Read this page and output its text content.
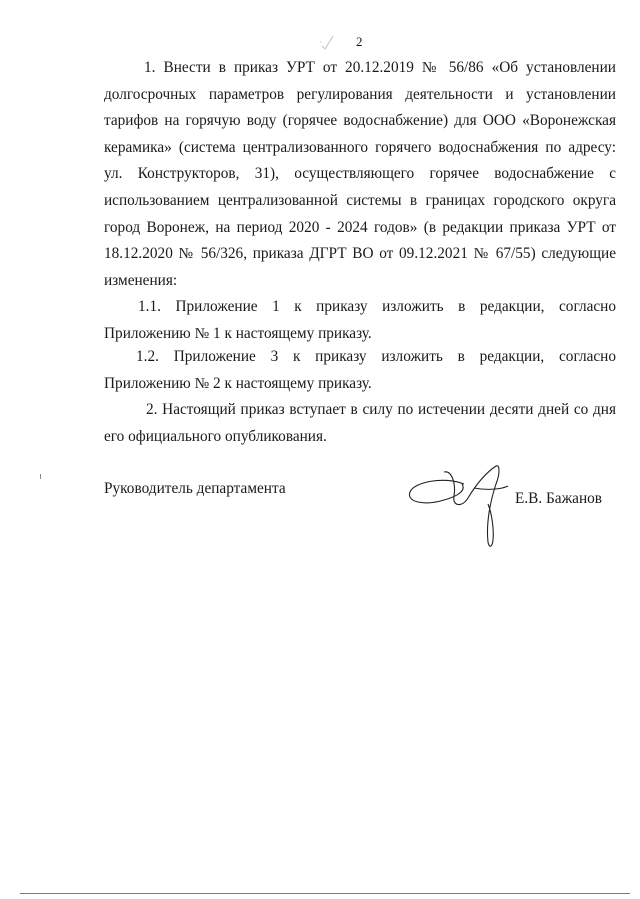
2
1. Внести в приказ УРТ от 20.12.2019 № 56/86 «Об установлении долгосрочных параметров регулирования деятельности и установлении тарифов на горячую воду (горячее водоснабжение) для ООО «Воронежская керамика» (система централизованного горячего водоснабжения по адресу: ул. Конструкторов, 31), осуществляющего горячее водоснабжение с использованием централизованной системы в границах городского округа город Воронеж, на период 2020 - 2024 годов» (в редакции приказа УРТ от 18.12.2020 № 56/326, приказа ДГРТ ВО от 09.12.2021 № 67/55) следующие изменения:
1.1. Приложение 1 к приказу изложить в редакции, согласно Приложению № 1 к настоящему приказу.
1.2. Приложение 3 к приказу изложить в редакции, согласно Приложению № 2 к настоящему приказу.
2. Настоящий приказ вступает в силу по истечении десяти дней со дня его официального опубликования.
Руководитель департамента
Е.В. Бажанов
